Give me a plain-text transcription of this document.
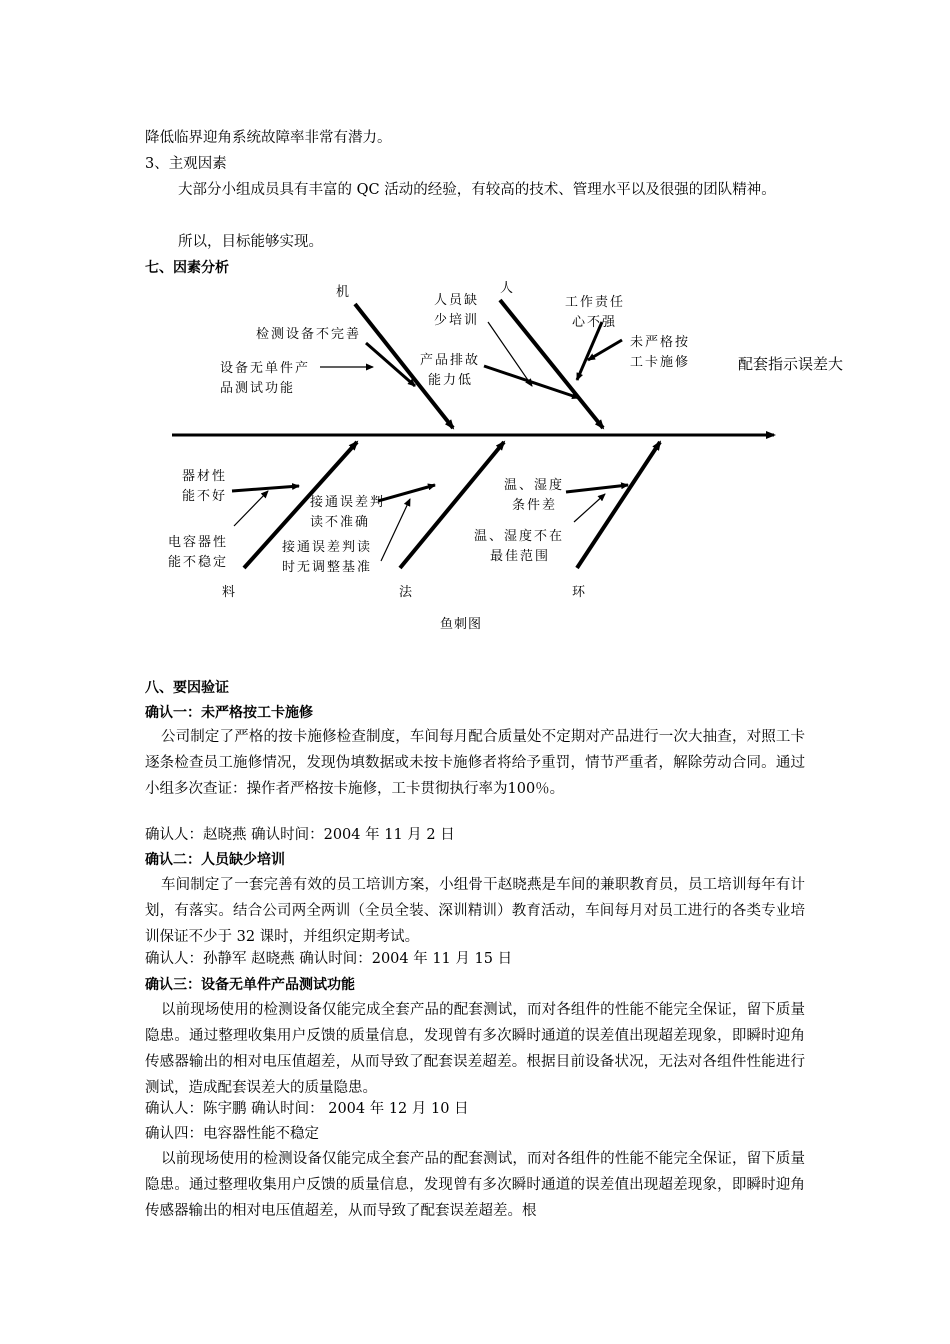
降低临界迎角系统故障率非常有潜力。
3、主观因素
大部分小组成员具有丰富的 QC 活动的经验，有较高的技术、管理水平以及很强的团队精神。
所以，目标能够实现。
七、因素分析
配套指示误差大
机	人
料	法	环
检测设备不完善
设备无单件产
品测试功能
人员缺
少培训
产品排故
能力低
工作责任
心不强
未严格按
工卡施修
器材性
能不好
电容器性
能不稳定
接通误差判
读不准确
接通误差判读
时无调整基准
温、湿度
条件差
温、湿度不在
最佳范围
鱼刺图
八、要因验证
确认一：未严格按工卡施修
公司制定了严格的按卡施修检查制度，车间每月配合质量处不定期对产品进行一次大抽查，对照工卡逐条检查员工施修情况，发现伪填数据或未按卡施修者将给予重罚，情节严重者，解除劳动合同。通过小组多次查证：操作者严格按卡施修，工卡贯彻执行率为100％。
确认人：赵晓燕 确认时间：2004 年 11 月 2 日
确认二：人员缺少培训
车间制定了一套完善有效的员工培训方案，小组骨干赵晓燕是车间的兼职教育员，员工培训每年有计划，有落实。结合公司两全两训（全员全装、深训精训）教育活动，车间每月对员工进行的各类专业培训保证不少于 32 课时，并组织定期考试。
确认人：孙静军 赵晓燕 确认时间：2004 年 11 月 15 日
确认三：设备无单件产品测试功能
以前现场使用的检测设备仅能完成全套产品的配套测试，而对各组件的性能不能完全保证，留下质量隐患。通过整理收集用户反馈的质量信息，发现曾有多次瞬时通道的误差值出现超差现象，即瞬时迎角传感器输出的相对电压值超差，从而导致了配套误差超差。根据目前设备状况，无法对各组件性能进行测试，造成配套误差大的质量隐患。
确认人：陈宇鹏 确认时间： 2004 年 12 月 10 日
确认四：电容器性能不稳定
以前现场使用的检测设备仅能完成全套产品的配套测试，而对各组件的性能不能完全保证，留下质量隐患。通过整理收集用户反馈的质量信息，发现曾有多次瞬时通道的误差值出现超差现象，即瞬时迎角传感器输出的相对电压值超差，从而导致了配套误差超差。根
